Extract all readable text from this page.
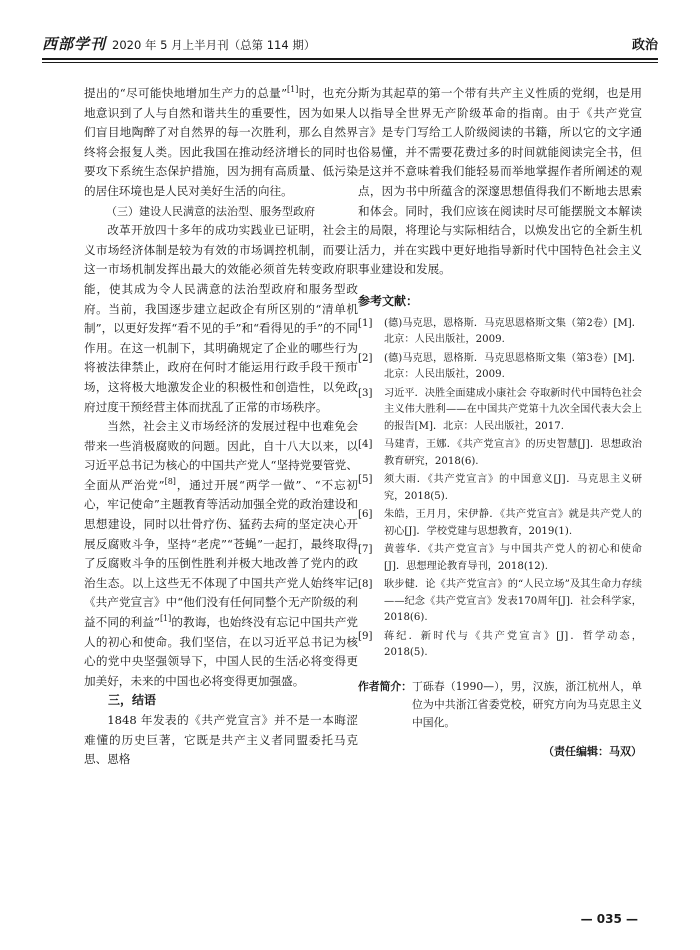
西部学刊 2020 年 5 月上半月刊（总第 114 期）	政治

提出的“尽可能快地增加生产力的总量”[1]时，也充分地意识到了人与自然和谐共生的重要性，因为如果人们盲目地陶醉了对自然界的每一次胜利，那么自然界终将会报复人类。因此我国在推动经济增长的同时也要攻下系统生态保护措施，因为拥有高质量、低污染的居住环境也是人民对美好生活的向往。

（三）建设人民满意的法治型、服务型政府

改革开放四十多年的成功实践业已证明，社会主义市场经济体制是较为有效的市场调控机制，而要让这一市场机制发挥出最大的效能必须首先转变政府职能，使其成为令人民满意的法治型政府和服务型政府。当前，我国逐步建立起政企有所区别的“清单机制”，以更好发挥“看不见的手”和“看得见的手”的不同作用。在这一机制下，其明确规定了企业的哪些行为将被法律禁止，政府在何时才能运用行政手段干预市场，这将极大地激发企业的积极性和创造性，以免政府过度干预经营主体而扰乱了正常的市场秩序。

当然，社会主义市场经济的发展过程中也难免会带来一些消极腐败的问题。因此，自十八大以来，以习近平总书记为核心的中国共产党人“坚持党要管党、全面从严治党”[8]，通过开展“两学一做”、“不忘初心，牢记使命”主题教育等活动加强全党的政治建设和思想建设，同时以壮骨疗伤、猛药去疴的坚定决心开展反腐败斗争，坚持“老虎”“苍蝇”一起打，最终取得了反腐败斗争的压倒性胜利并极大地改善了党内的政治生态。以上这些无不体现了中国共产党人始终牢记《共产党宣言》中“他们没有任何同整个无产阶级的利益不同的利益”[1]的教诲，也始终没有忘记中国共产党人的初心和使命。我们坚信，在以习近平总书记为核心的党中央坚强领导下，中国人民的生活必将变得更加美好，未来的中国也必将变得更加强盛。

三，结语

1848 年发表的《共产党宣言》并不是一本晦涩难懂的历史巨著，它既是共产主义者同盟委托马克思、恩格

斯为其起草的第一个带有共产主义性质的党纲，也是用以指导全世界无产阶级革命的指南。由于《共产党宣言》是专门写给工人阶级阅读的书籍，所以它的文字通俗易懂，并不需要花费过多的时间就能阅读完全书，但是这并不意味着我们能轻易而举地掌握作者所阐述的观点，因为书中所蕴含的深邃思想值得我们不断地去思索和体会。同时，我们应该在阅读时尽可能摆脱文本解读的局限，将理论与实际相结合，以焕发出它的全新生机活力，并在实践中更好地指导新时代中国特色社会主义事业建设和发展。

参考文献：
[1]	(德)马克思，恩格斯．马克思恩格斯文集（第2卷）[M]．北京：人民出版社，2009.
[2]	(德)马克思，恩格斯．马克思恩格斯文集（第3卷）[M]．北京：人民出版社，2009.
[3]	习近平．决胜全面建成小康社会 夺取新时代中国特色社会主义伟大胜利——在中国共产党第十九次全国代表大会上的报告[M]．北京：人民出版社，2017.
[4]	马建青，王娜．《共产党宣言》的历史智慧[J]．思想政治教育研究，2018(6).
[5]	须大雨．《共产党宣言》的中国意义[J]．马克思主义研究，2018(5).
[6]	朱皓，王月月，宋伊静．《共产党宣言》就是共产党人的初心[J]．学校党建与思想教育，2019(1).
[7]	黄蓉华．《共产党宣言》与中国共产党人的初心和使命[J]．思想理论教育导刊，2018(12).
[8]	耿步健．论《共产党宣言》的“人民立场”及其生命力存续——纪念《共产党宣言》发表170周年[J]．社会科学家，2018(6).
[9]	蒋纪．新时代与《共产党宣言》[J]．哲学动态，2018(5).
作者简介： 丁砾春（1990—），男，汉族，浙江杭州人，单位为中共浙江省委党校，研究方向为马克思主义中国化。
（责任编辑：马双）
— 035 —
